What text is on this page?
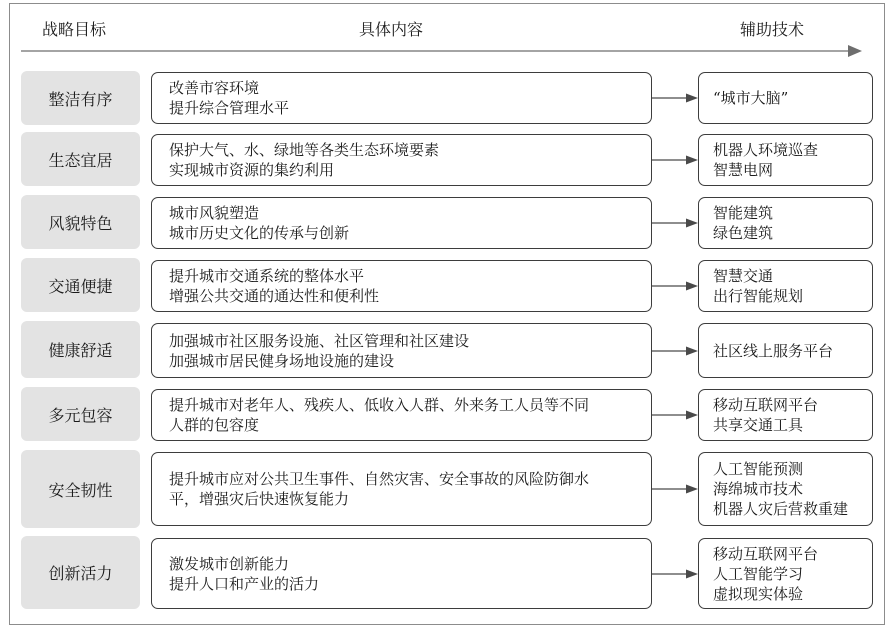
战略目标	具体内容	辅助技术
整洁有序
改善市容环境
提升综合管理水平
“城市大脑”
生态宜居
保护大气、水、绿地等各类生态环境要素
实现城市资源的集约利用
机器人环境巡查
智慧电网
风貌特色
城市风貌塑造
城市历史文化的传承与创新
智能建筑
绿色建筑
交通便捷
提升城市交通系统的整体水平
增强公共交通的通达性和便利性
智慧交通
出行智能规划
健康舒适
加强城市社区服务设施、社区管理和社区建设
加强城市居民健身场地设施的建设
社区线上服务平台
多元包容
提升城市对老年人、残疾人、低收入人群、外来务工人员等不同
人群的包容度
移动互联网平台
共享交通工具
安全韧性
提升城市应对公共卫生事件、自然灾害、安全事故的风险防御水
平，增强灾后快速恢复能力
人工智能预测
海绵城市技术
机器人灾后营救重建
创新活力
激发城市创新能力
提升人口和产业的活力
移动互联网平台
人工智能学习
虚拟现实体验
